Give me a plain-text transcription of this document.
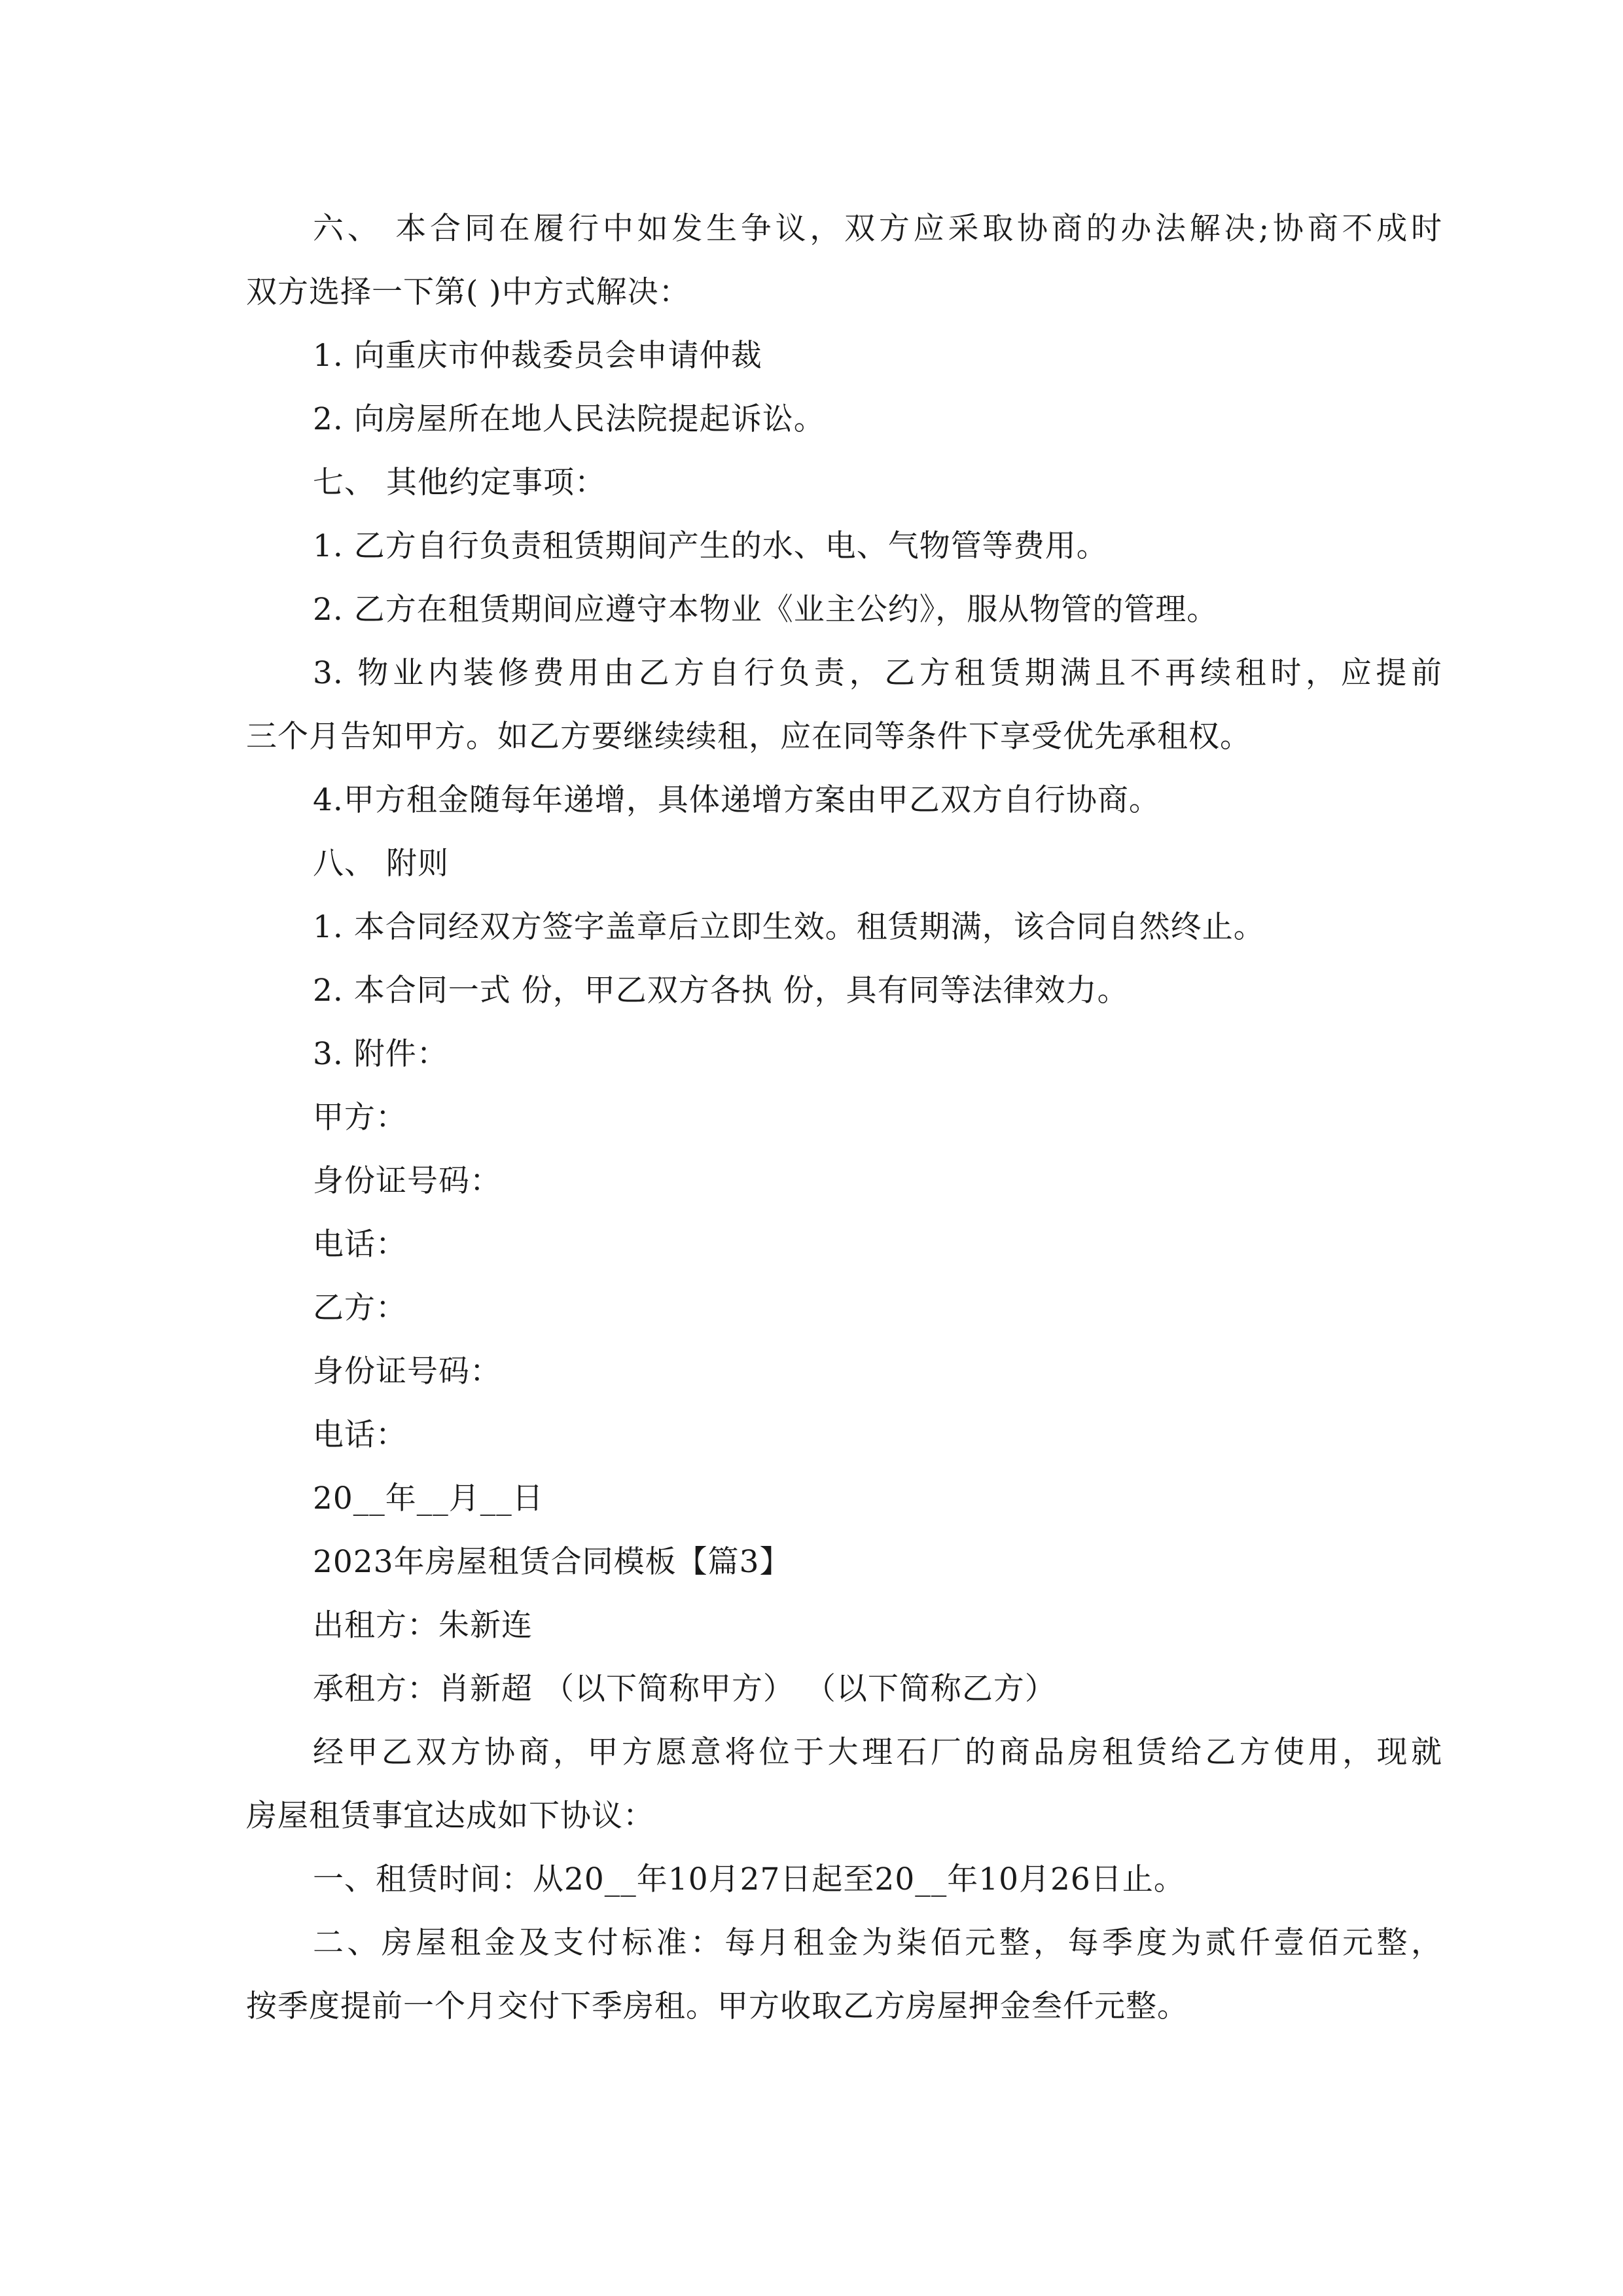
六、 本合同在履行中如发生争议，双方应采取协商的办法解决;协商不成时
双方选择一下第( )中方式解决：
1. 向重庆市仲裁委员会申请仲裁
2. 向房屋所在地人民法院提起诉讼。
七、 其他约定事项：
1. 乙方自行负责租赁期间产生的水、电、气物管等费用。
2. 乙方在租赁期间应遵守本物业《业主公约》，服从物管的管理。
3. 物业内装修费用由乙方自行负责，乙方租赁期满且不再续租时，应提前
三个月告知甲方。如乙方要继续续租，应在同等条件下享受优先承租权。
4.甲方租金随每年递增，具体递增方案由甲乙双方自行协商。
八、 附则
1. 本合同经双方签字盖章后立即生效。租赁期满，该合同自然终止。
2. 本合同一式 份，甲乙双方各执 份，具有同等法律效力。
3. 附件：
甲方：
身份证号码：
电话：
乙方：
身份证号码：
电话：
20__年__月__日
2023年房屋租赁合同模板【篇3】
出租方：朱新连
承租方：肖新超 （以下简称甲方） （以下简称乙方）
经甲乙双方协商，甲方愿意将位于大理石厂的商品房租赁给乙方使用，现就
房屋租赁事宜达成如下协议：
一、租赁时间：从20__年10月27日起至20__年10月26日止。
二、房屋租金及支付标准：每月租金为柒佰元整，每季度为贰仟壹佰元整，
按季度提前一个月交付下季房租。甲方收取乙方房屋押金叁仟元整。
